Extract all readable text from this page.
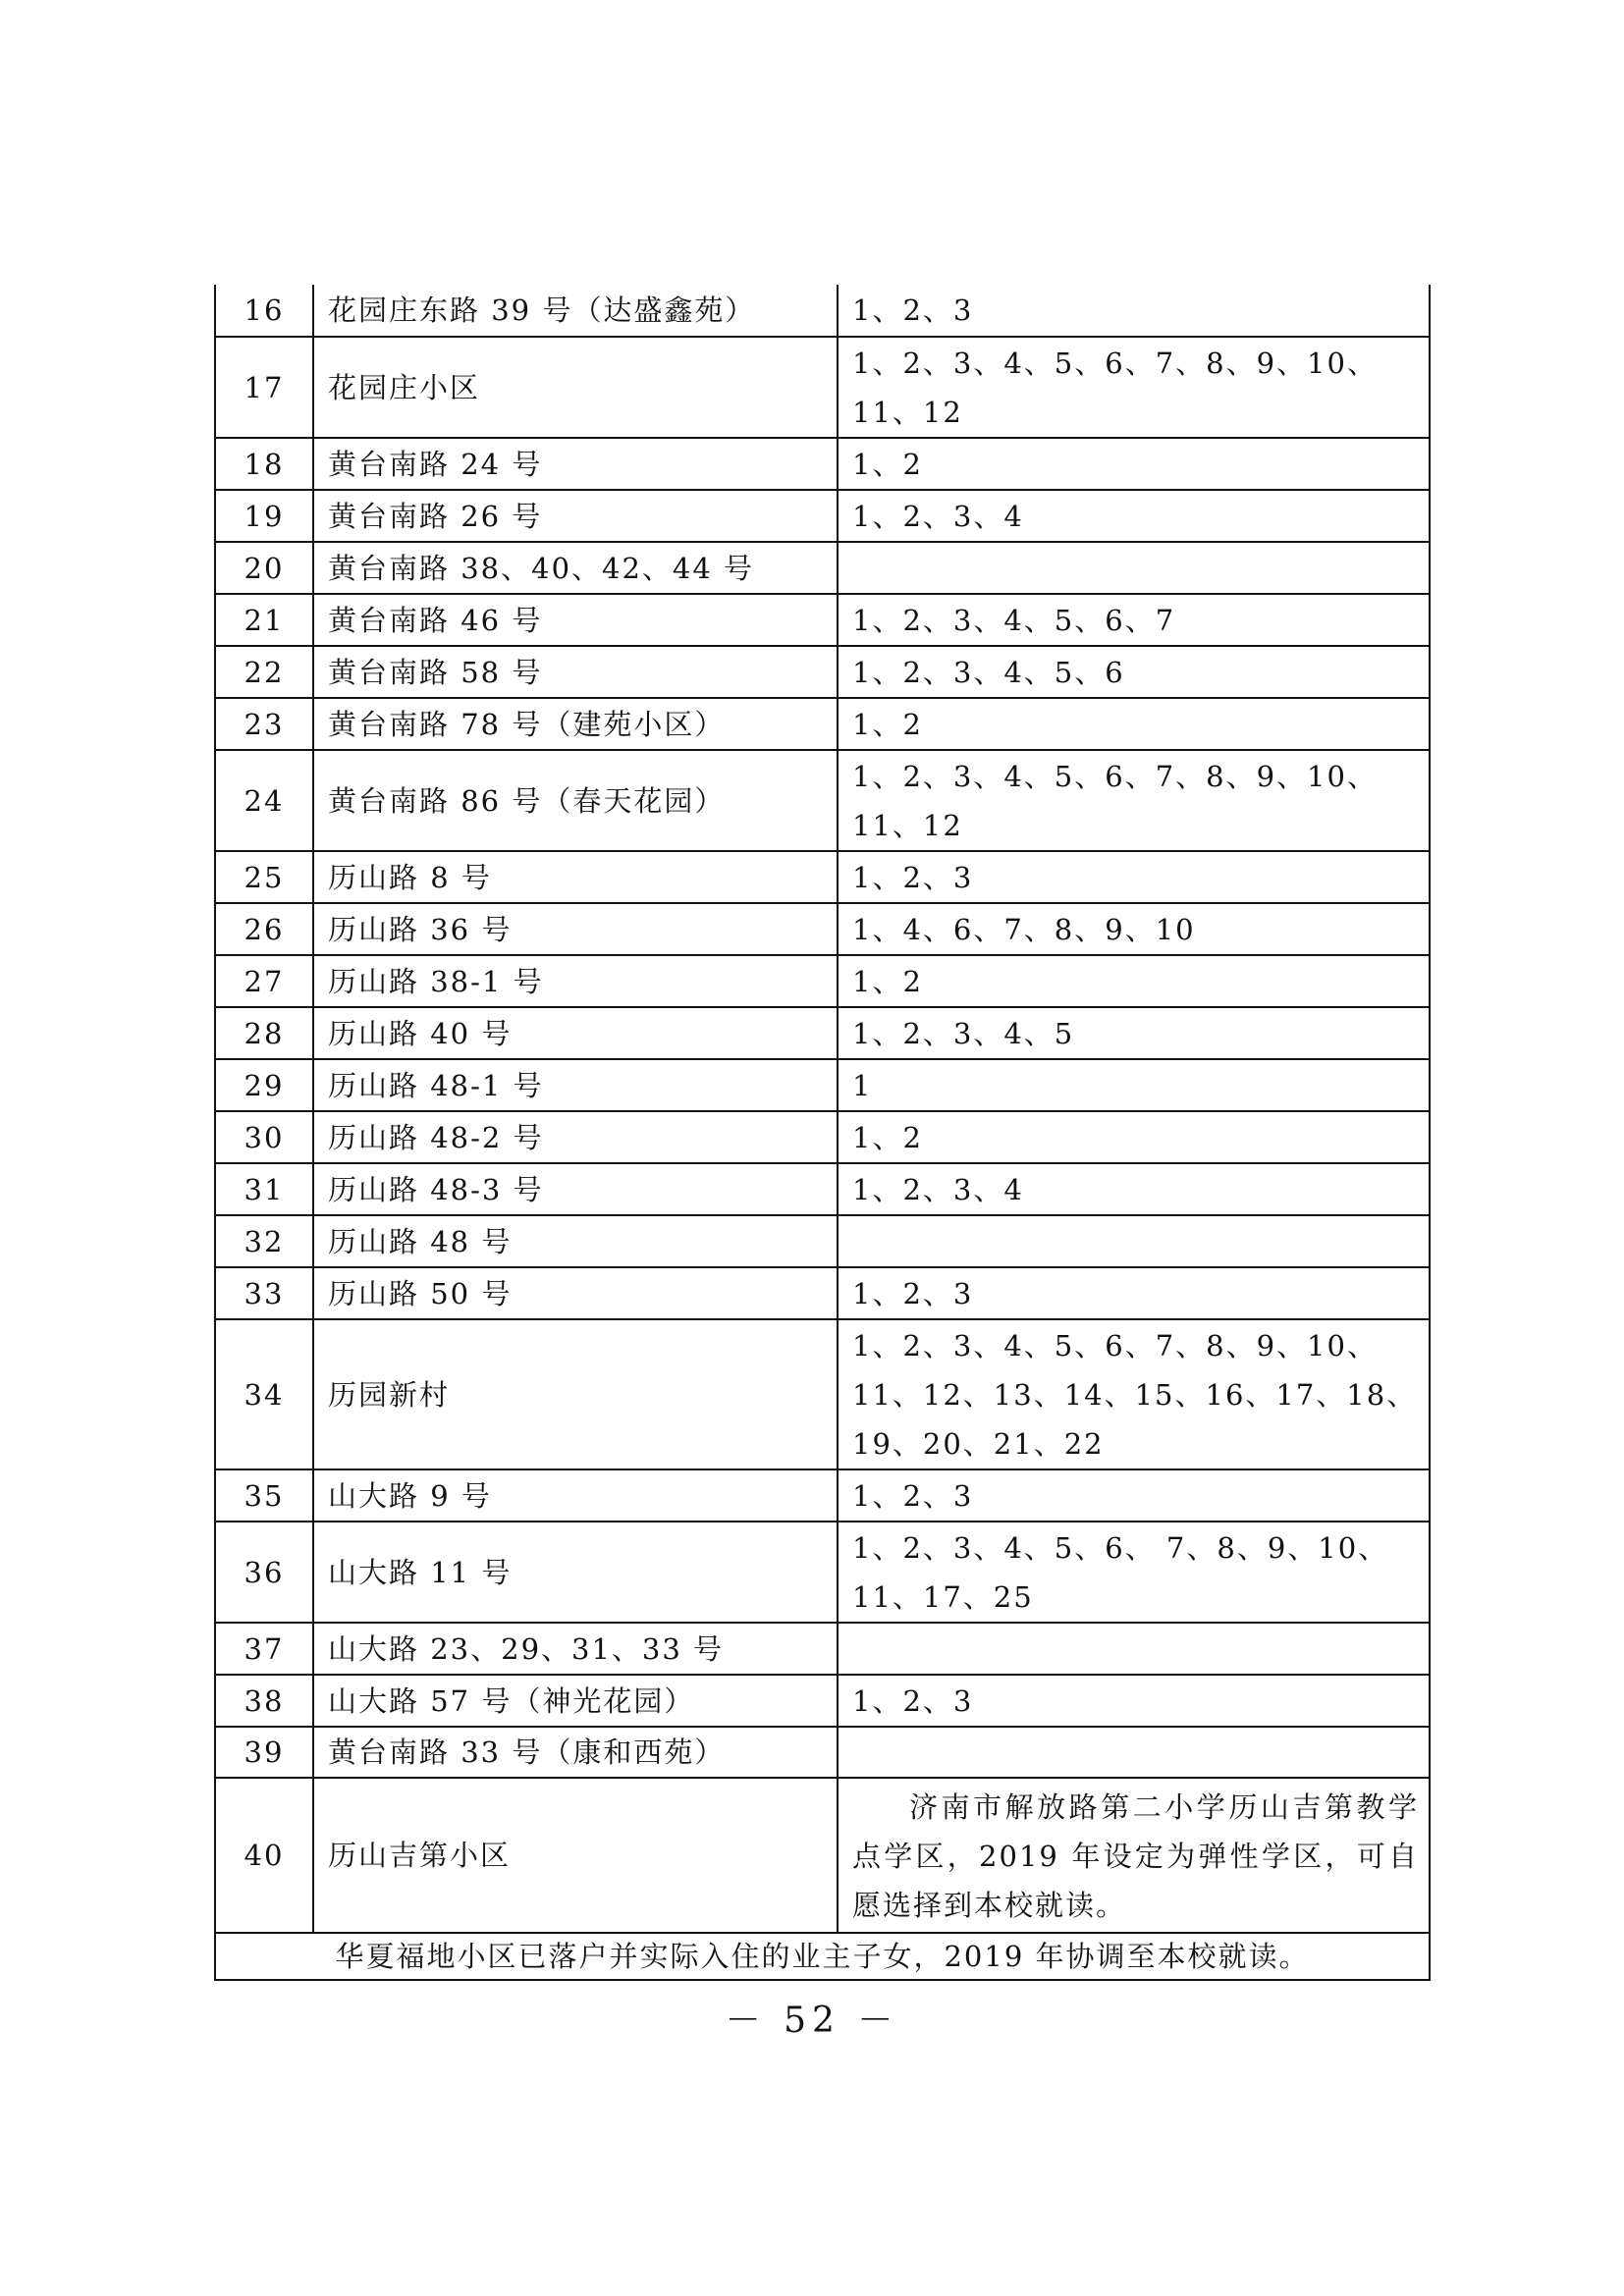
16	花园庄东路 39 号（达盛鑫苑）	1、2、3
17	花园庄小区	1、2、3、4、5、6、7、8、9、10、11、12
18	黄台南路 24 号	1、2
19	黄台南路 26 号	1、2、3、4
20	黄台南路 38、40、42、44 号	
21	黄台南路 46 号	1、2、3、4、5、6、7
22	黄台南路 58 号	1、2、3、4、5、6
23	黄台南路 78 号（建苑小区）	1、2
24	黄台南路 86 号（春天花园）	1、2、3、4、5、6、7、8、9、10、11、12
25	历山路 8 号	1、2、3
26	历山路 36 号	1、4、6、7、8、9、10
27	历山路 38-1 号	1、2
28	历山路 40 号	1、2、3、4、5
29	历山路 48-1 号	1
30	历山路 48-2 号	1、2
31	历山路 48-3 号	1、2、3、4
32	历山路 48 号	
33	历山路 50 号	1、2、3
34	历园新村	1、2、3、4、5、6、7、8、9、10、11、12、13、14、15、16、17、18、19、20、21、22
35	山大路 9 号	1、2、3
36	山大路 11 号	1、2、3、4、5、6、 7、8、9、10、11、17、25
37	山大路 23、29、31、33 号	
38	山大路 57 号（神光花园）	1、2、3
39	黄台南路 33 号（康和西苑）	
40	历山吉第小区	济南市解放路第二小学历山吉第教学点学区，2019 年设定为弹性学区，可自愿选择到本校就读。
华夏福地小区已落户并实际入住的业主子女，2019 年协调至本校就读。		
－ 52 －
